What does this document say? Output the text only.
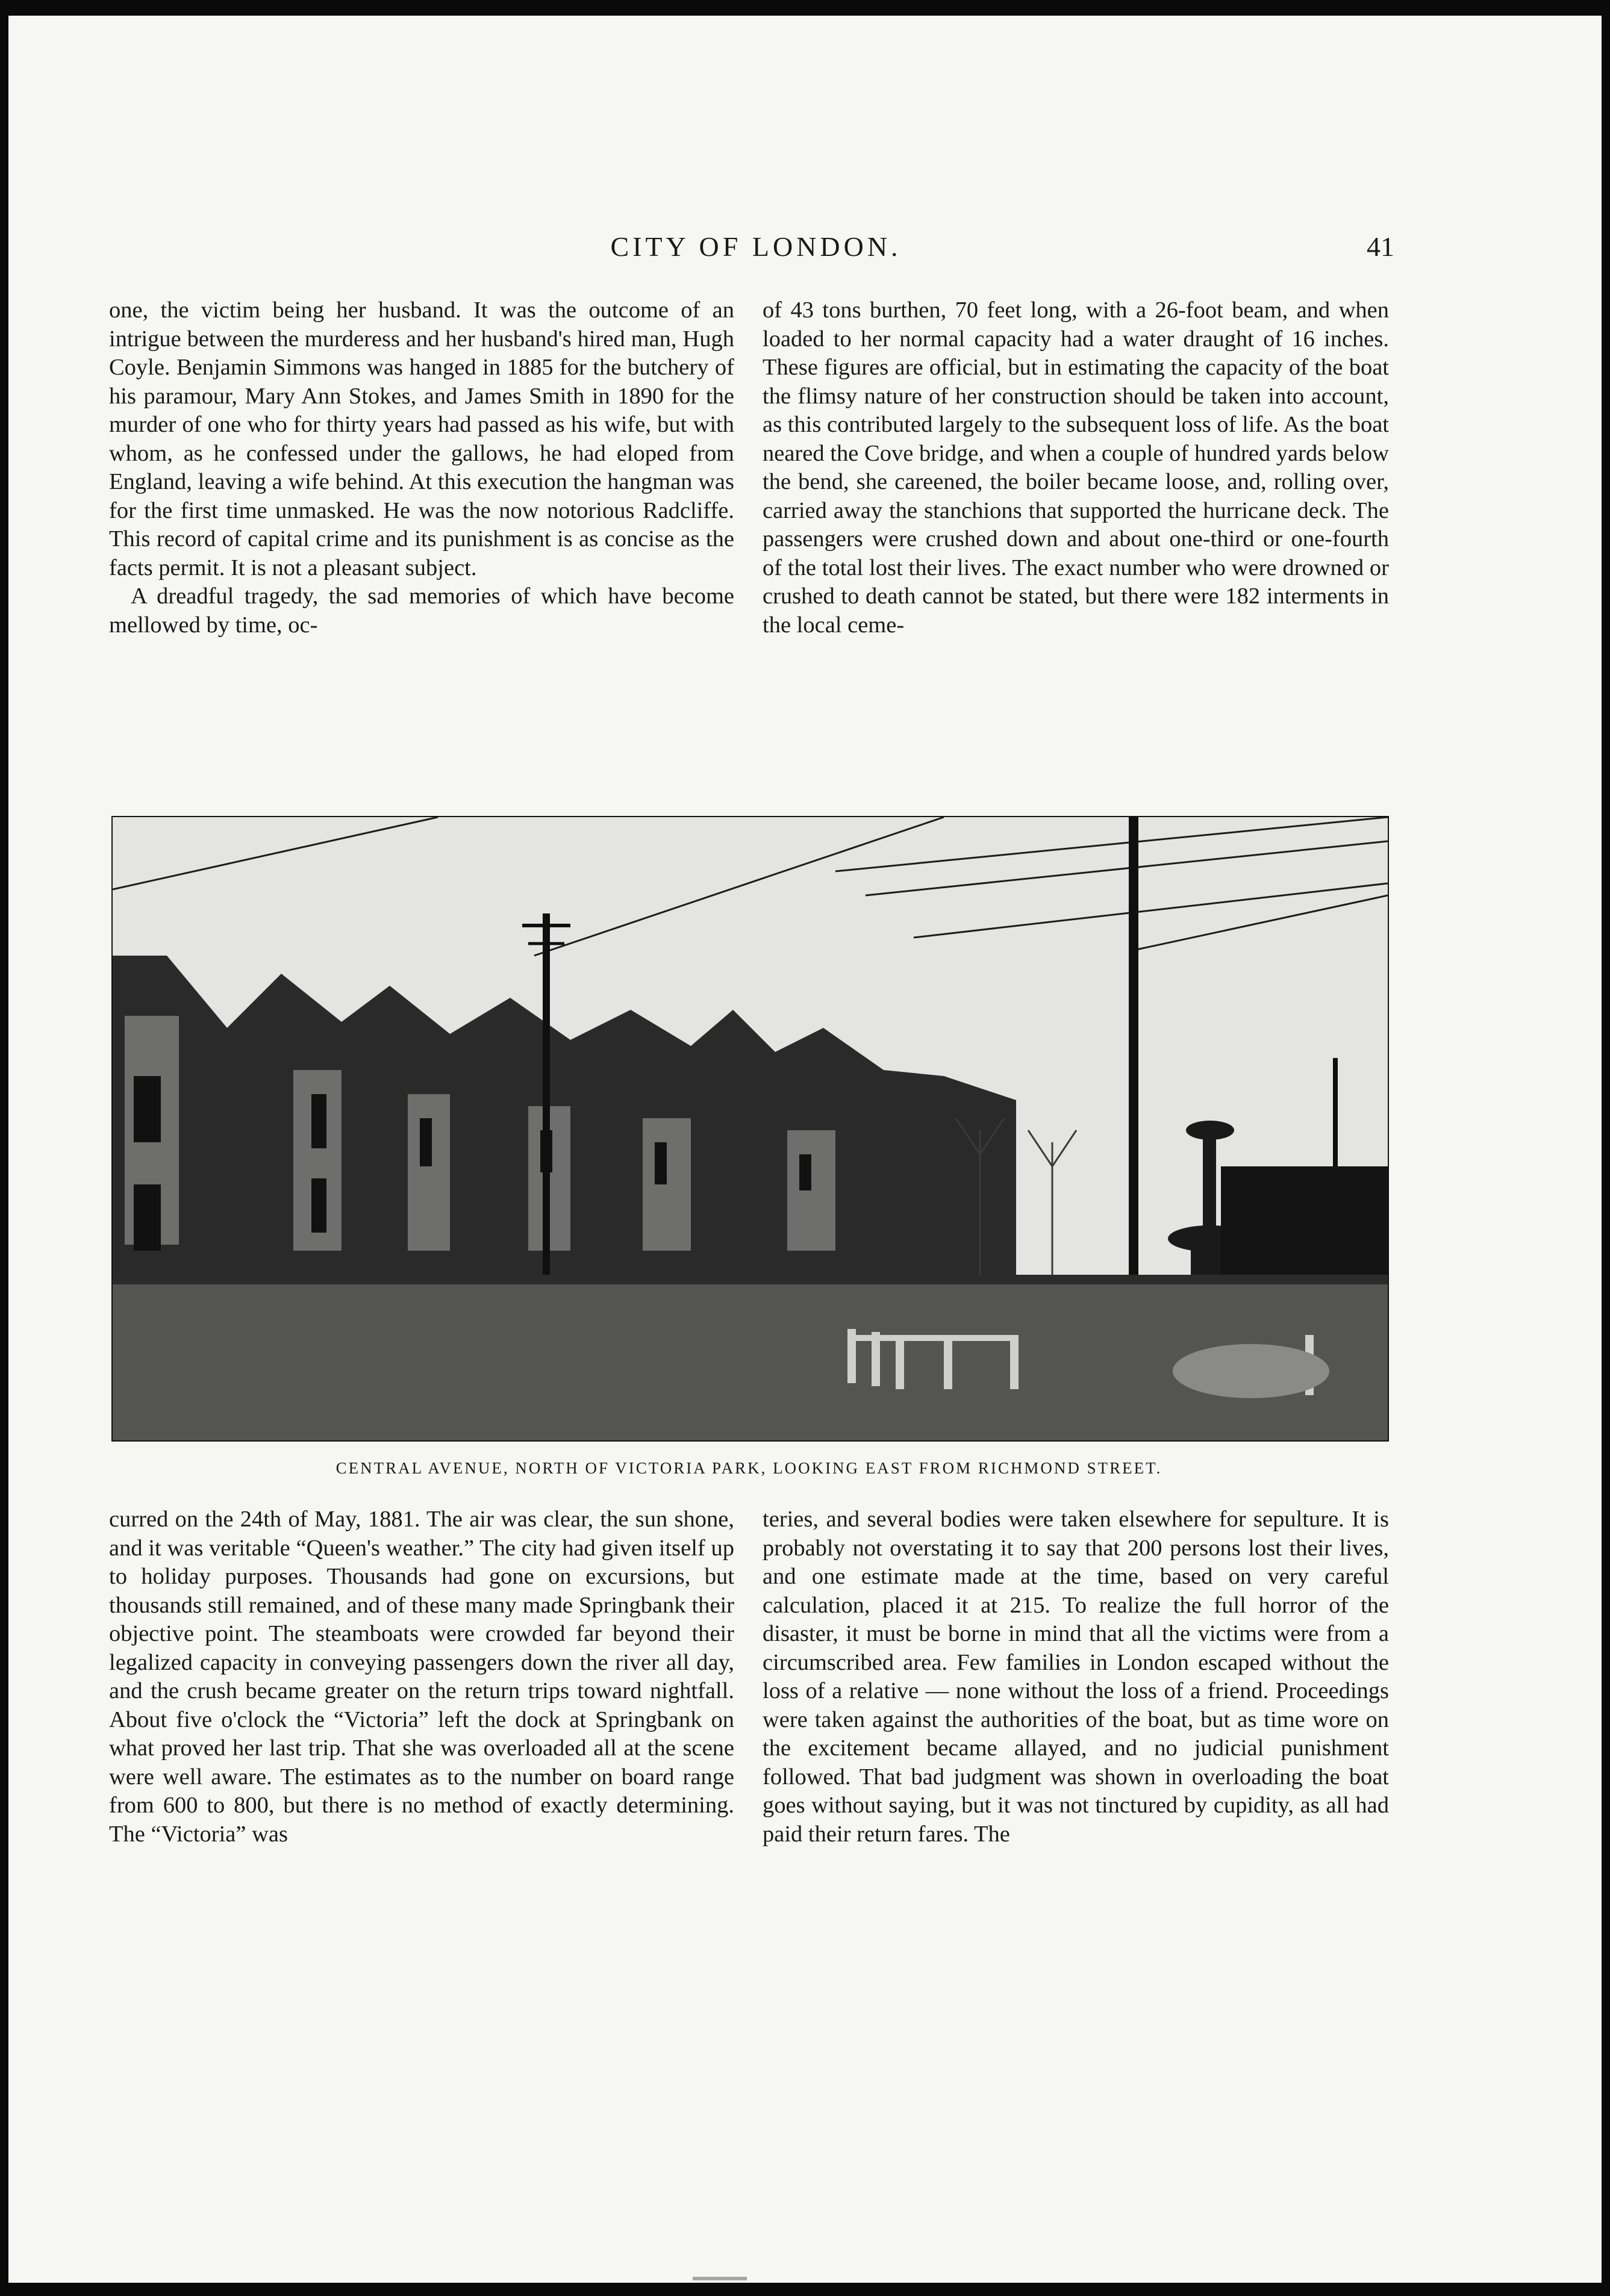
CITY OF LONDON.	41

one, the victim being her husband. It was the outcome of an intrigue between the murderess and her husband's hired man, Hugh Coyle. Benjamin Simmons was hanged in 1885 for the butchery of his paramour, Mary Ann Stokes, and James Smith in 1890 for the murder of one who for thirty years had passed as his wife, but with whom, as he confessed under the gallows, he had eloped from England, leaving a wife behind. At this execution the hangman was for the first time unmasked. He was the now notorious Radcliffe. This record of capital crime and its punishment is as concise as the facts permit. It is not a pleasant subject.

A dreadful tragedy, the sad memories of which have become mellowed by time, oc-

of 43 tons burthen, 70 feet long, with a 26-foot beam, and when loaded to her normal capacity had a water draught of 16 inches. These figures are official, but in estimating the capacity of the boat the flimsy nature of her construction should be taken into account, as this contributed largely to the subsequent loss of life. As the boat neared the Cove bridge, and when a couple of hundred yards below the bend, she careened, the boiler became loose, and, rolling over, carried away the stanchions that supported the hurricane deck. The passengers were crushed down and about one-third or one-fourth of the total lost their lives. The exact number who were drowned or crushed to death cannot be stated, but there were 182 interments in the local ceme-

CENTRAL AVENUE, NORTH OF VICTORIA PARK, LOOKING EAST FROM RICHMOND STREET.

curred on the 24th of May, 1881. The air was clear, the sun shone, and it was veritable “Queen's weather.” The city had given itself up to holiday purposes. Thousands had gone on excursions, but thousands still remained, and of these many made Springbank their objective point. The steamboats were crowded far beyond their legalized capacity in conveying passengers down the river all day, and the crush became greater on the return trips toward nightfall. About five o'clock the “Victoria” left the dock at Springbank on what proved her last trip. That she was overloaded all at the scene were well aware. The estimates as to the number on board range from 600 to 800, but there is no method of exactly determining. The “Victoria” was

teries, and several bodies were taken elsewhere for sepulture. It is probably not overstating it to say that 200 persons lost their lives, and one estimate made at the time, based on very careful calculation, placed it at 215. To realize the full horror of the disaster, it must be borne in mind that all the victims were from a circumscribed area. Few families in London escaped without the loss of a relative — none without the loss of a friend. Proceedings were taken against the authorities of the boat, but as time wore on the excitement became allayed, and no judicial punishment followed. That bad judgment was shown in overloading the boat goes without saying, but it was not tinctured by cupidity, as all had paid their return fares. The
